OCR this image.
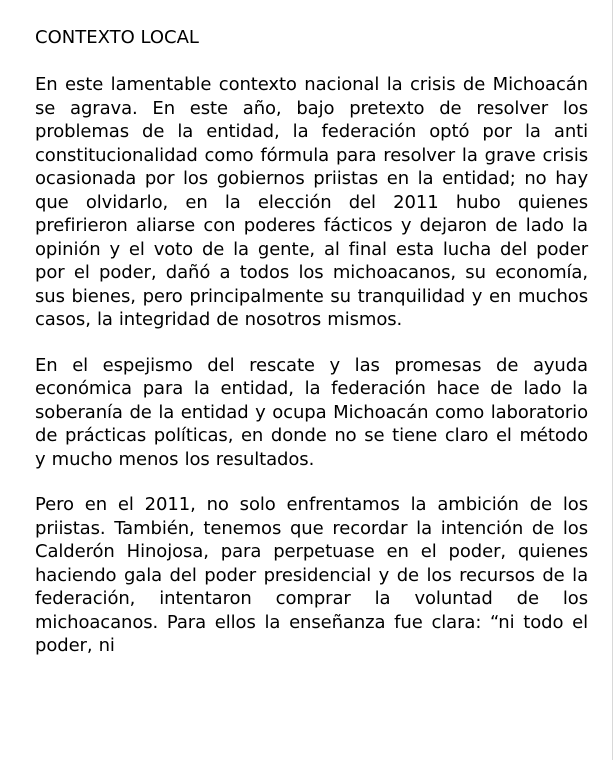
CONTEXTO LOCAL

En este lamentable contexto nacional la crisis de Michoacán se agrava. En este año, bajo pretexto de resolver los problemas de la entidad, la federación optó por la anti constitucionalidad como fórmula para resolver la grave crisis ocasionada por los gobiernos priistas en la entidad; no hay que olvidarlo, en la elección del 2011 hubo quienes prefirieron aliarse con poderes fácticos y dejaron de lado la opinión y el voto de la gente, al final esta lucha del poder por el poder, dañó a todos los michoacanos, su economía, sus bienes, pero principalmente su tranquilidad y en muchos casos, la integridad de nosotros mismos.

En el espejismo del rescate y las promesas de ayuda económica para la entidad, la federación hace de lado la soberanía de la entidad y ocupa Michoacán como laboratorio de prácticas políticas, en donde no se tiene claro el método y mucho menos los resultados.

Pero en el 2011, no solo enfrentamos la ambición de los priistas. También, tenemos que recordar la intención de los Calderón Hinojosa, para perpetuase en el poder, quienes haciendo gala del poder presidencial y de los recursos de la federación, intentaron comprar la voluntad de los michoacanos. Para ellos la enseñanza fue clara: “ni todo el poder, ni
